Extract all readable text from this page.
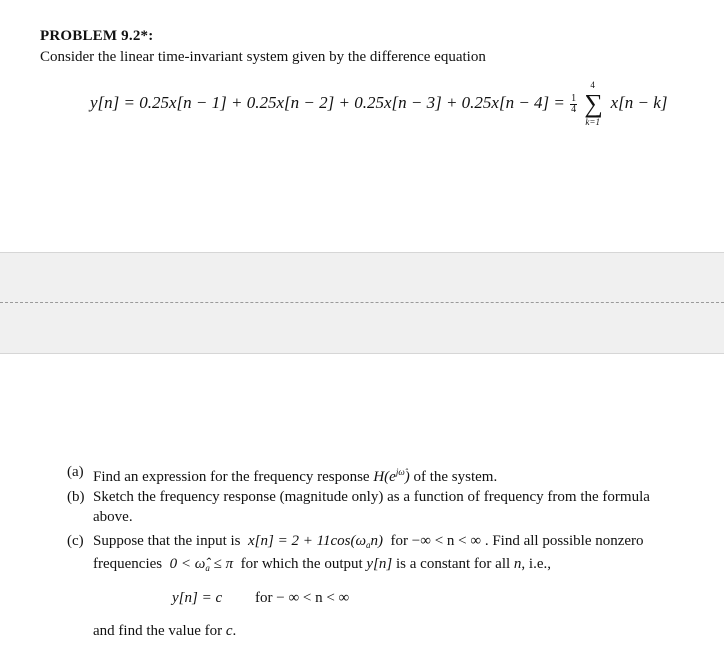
PROBLEM 9.2*:
Consider the linear time-invariant system given by the difference equation
$y[n] = 0.25x[n - 1] + 0.25x[n - 2] + 0.25x[n - 3] + 0.25x[n - 4] = \frac{1}{4}$

4
∑
k=1
x[n − k]
(a) Find an expression for the frequency response $H(e^{j\omegâ})$ of the system.
(b) Sketch the frequency response (magnitude only) as a function of frequency from the formula
above.
(c) Suppose that the input is $x[n] = 2 + 11\cos(\omega_an)$ for −∞ < n < ∞ . Find all possible nonzero
frequencies $0 < \omegâ_a \le \pi$ for which the output y[n] is a constant for all n, i.e.,
y[n] = c for − ∞ < n < ∞
and find the value for c.
